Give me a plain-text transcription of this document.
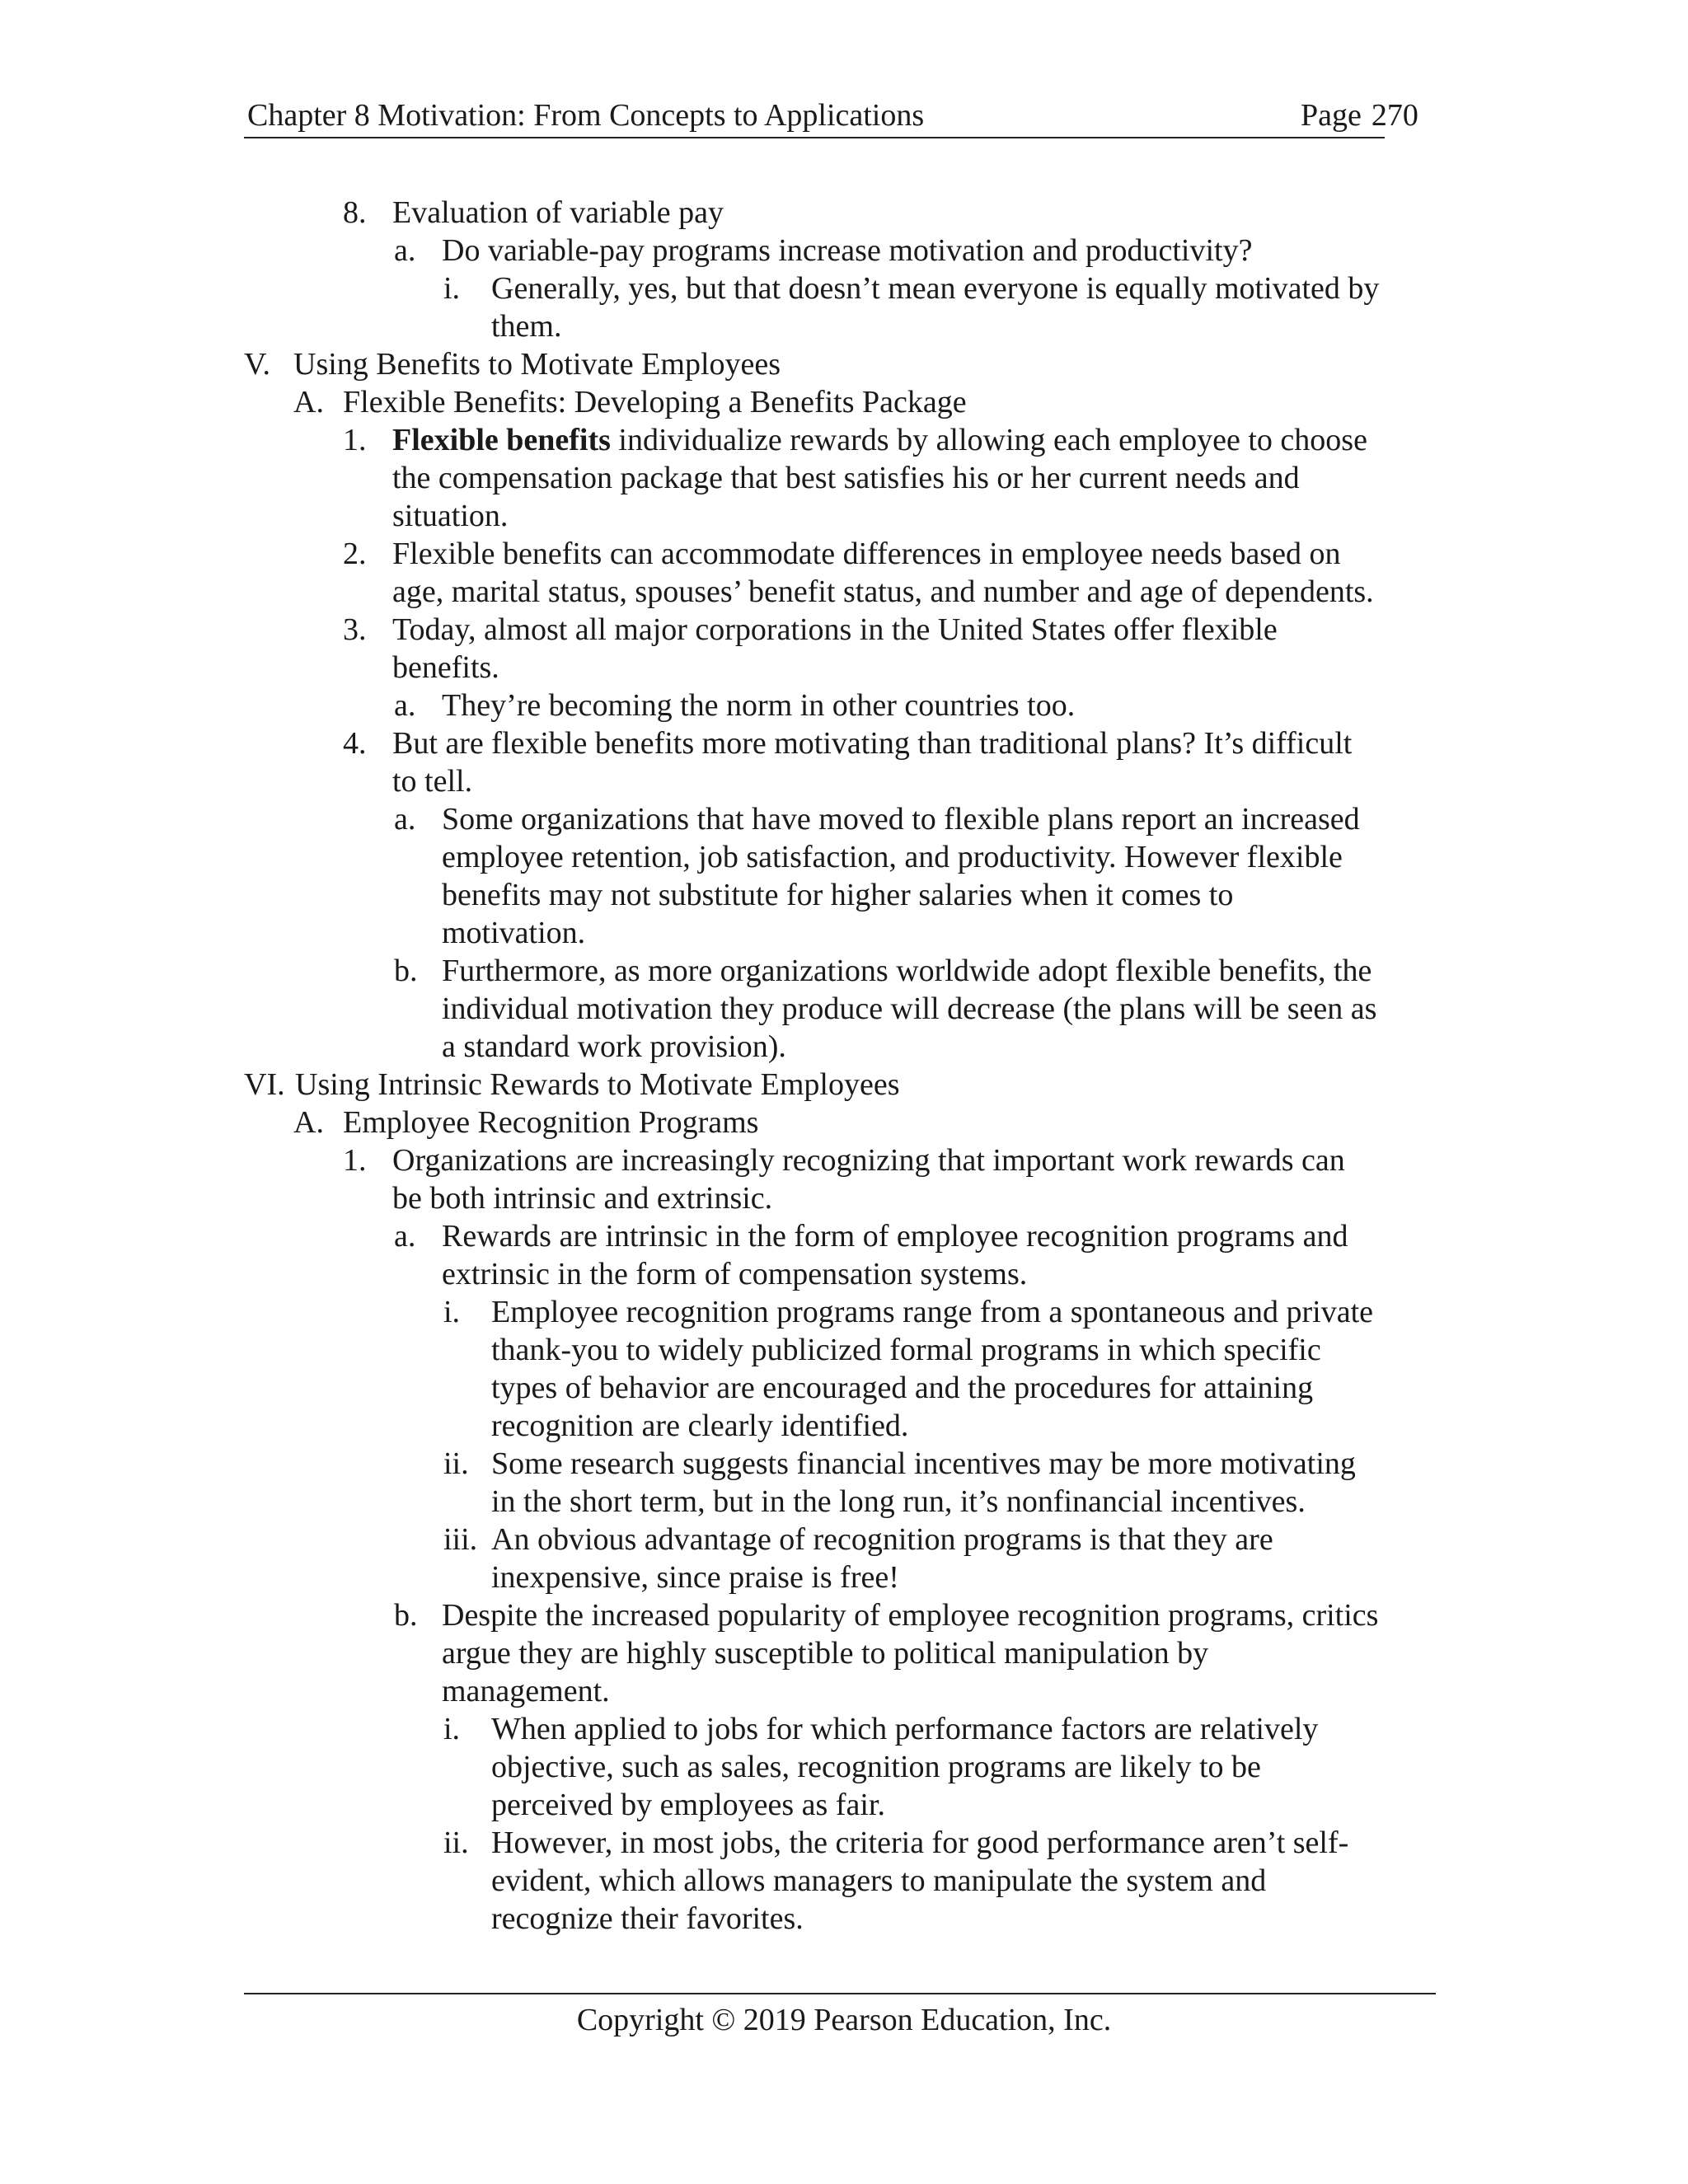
Chapter 8 Motivation: From Concepts to Applications	Page 270
8. Evaluation of variable pay
a. Do variable-pay programs increase motivation and productivity?
i. Generally, yes, but that doesn’t mean everyone is equally motivated by
them.
V. Using Benefits to Motivate Employees
A. Flexible Benefits: Developing a Benefits Package
1. Flexible benefits individualize rewards by allowing each employee to choose
the compensation package that best satisfies his or her current needs and
situation.
2. Flexible benefits can accommodate differences in employee needs based on
age, marital status, spouses’ benefit status, and number and age of dependents.
3. Today, almost all major corporations in the United States offer flexible
benefits.
a. They’re becoming the norm in other countries too.
4. But are flexible benefits more motivating than traditional plans? It’s difficult
to tell.
a. Some organizations that have moved to flexible plans report an increased
employee retention, job satisfaction, and productivity. However flexible
benefits may not substitute for higher salaries when it comes to
motivation.
b. Furthermore, as more organizations worldwide adopt flexible benefits, the
individual motivation they produce will decrease (the plans will be seen as
a standard work provision).
VI. Using Intrinsic Rewards to Motivate Employees
A. Employee Recognition Programs
1. Organizations are increasingly recognizing that important work rewards can
be both intrinsic and extrinsic.
a. Rewards are intrinsic in the form of employee recognition programs and
extrinsic in the form of compensation systems.
i. Employee recognition programs range from a spontaneous and private
thank-you to widely publicized formal programs in which specific
types of behavior are encouraged and the procedures for attaining
recognition are clearly identified.
ii. Some research suggests financial incentives may be more motivating
in the short term, but in the long run, it’s nonfinancial incentives.
iii. An obvious advantage of recognition programs is that they are
inexpensive, since praise is free!
b. Despite the increased popularity of employee recognition programs, critics
argue they are highly susceptible to political manipulation by
management.
i. When applied to jobs for which performance factors are relatively
objective, such as sales, recognition programs are likely to be
perceived by employees as fair.
ii. However, in most jobs, the criteria for good performance aren’t self-
evident, which allows managers to manipulate the system and
recognize their favorites.
Copyright © 2019 Pearson Education, Inc.
